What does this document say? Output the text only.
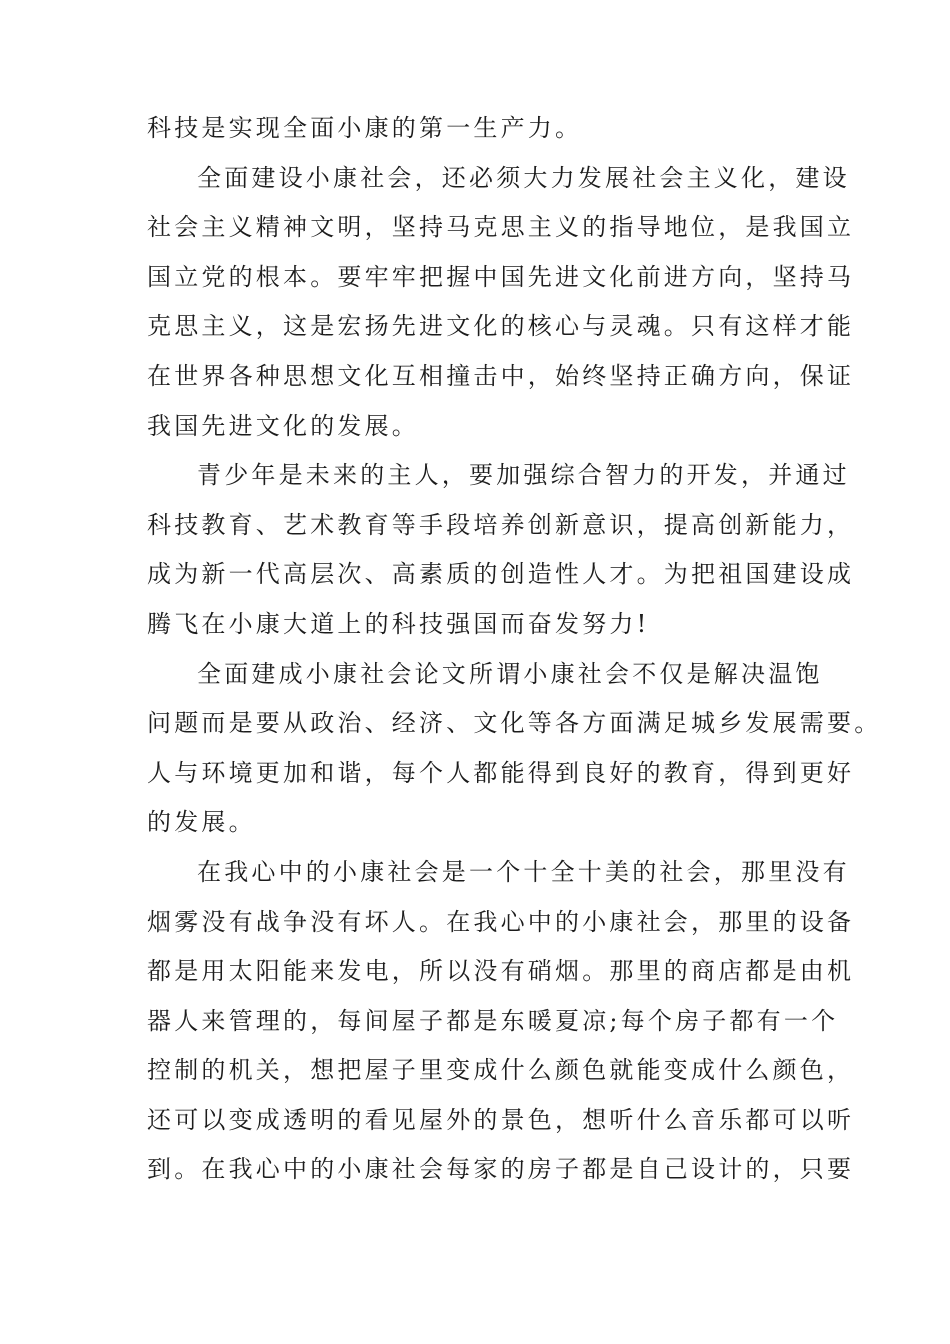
科技是实现全面小康的第一生产力。
全面建设小康社会，还必须大力发展社会主义化，建设
社会主义精神文明，坚持马克思主义的指导地位，是我国立
国立党的根本。要牢牢把握中国先进文化前进方向，坚持马
克思主义，这是宏扬先进文化的核心与灵魂。只有这样才能
在世界各种思想文化互相撞击中，始终坚持正确方向，保证
我国先进文化的发展。
青少年是未来的主人，要加强综合智力的开发，并通过
科技教育、艺术教育等手段培养创新意识，提高创新能力，
成为新一代高层次、高素质的创造性人才。为把祖国建设成
腾飞在小康大道上的科技强国而奋发努力!
全面建成小康社会论文所谓小康社会不仅是解决温饱
问题而是要从政治、经济、文化等各方面满足城乡发展需要。
人与环境更加和谐，每个人都能得到良好的教育，得到更好
的发展。
在我心中的小康社会是一个十全十美的社会，那里没有
烟雾没有战争没有坏人。在我心中的小康社会，那里的设备
都是用太阳能来发电，所以没有硝烟。那里的商店都是由机
器人来管理的，每间屋子都是东暖夏凉;每个房子都有一个
控制的机关，想把屋子里变成什么颜色就能变成什么颜色，
还可以变成透明的看见屋外的景色，想听什么音乐都可以听
到。在我心中的小康社会每家的房子都是自己设计的，只要
